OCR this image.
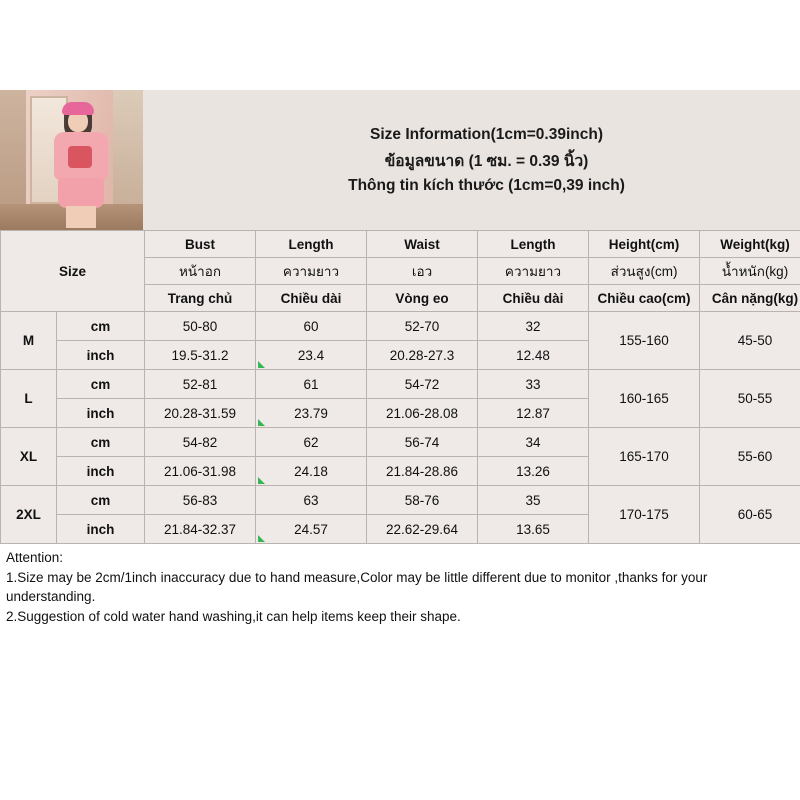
Size Information(1cm=0.39inch)
ข้อมูลขนาด (1 ซม. = 0.39 นิ้ว)
Thông tin kích thước (1cm=0,39 inch)
Size		Bust	Length	Waist	Length	Height(cm)	Weight(kg)
		หน้าอก	ความยาว	เอว	ความยาว	ส่วนสูง(cm)	น้ำหนัก(kg)
		Trang chủ	Chiều dài	Vòng eo	Chiều dài	Chiều cao(cm)	Cân nặng(kg)
M	cm	50-80	60	52-70	32	155-160	45-50
	inch	19.5-31.2	23.4	20.28-27.3	12.48		
L	cm	52-81	61	54-72	33	160-165	50-55
	inch	20.28-31.59	23.79	21.06-28.08	12.87		
XL	cm	54-82	62	56-74	34	165-170	55-60
	inch	21.06-31.98	24.18	21.84-28.86	13.26		
2XL	cm	56-83	63	58-76	35	170-175	60-65
	inch	21.84-32.37	24.57	22.62-29.64	13.65		
Attention:
1.Size may be 2cm/1inch inaccuracy due to hand measure,Color may be little different due to monitor ,thanks for your
understanding.
2.Suggestion of cold water hand washing,it can help items keep their shape.
